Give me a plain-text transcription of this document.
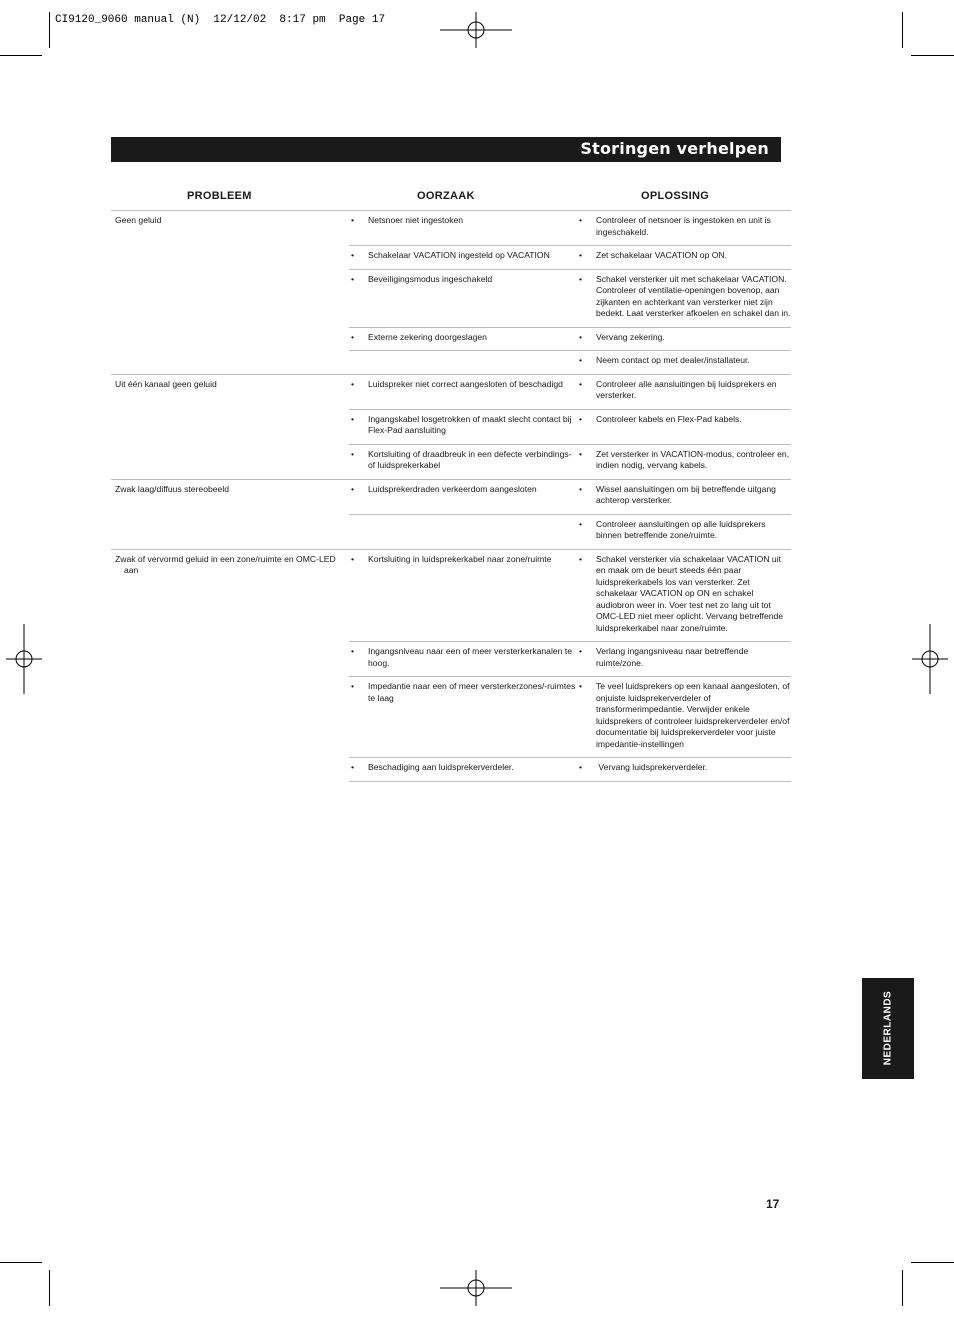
CI9120_9060 manual (N)  12/12/02  8:17 pm  Page 17
Storingen verhelpen
PROBLEEM	OORZAAK	OPLOSSING
Geen geluid	• Netsnoer niet ingestoken	• Controleer of netsnoer is ingestoken en unit is ingeschakeld.

	• Schakelaar VACATION ingesteld op VACATION	• Zet schakelaar VACATION op ON.

	• Beveiligingsmodus ingeschakeld	• Schakel versterker uit met schakelaar VACATION. Controleer of ventilatie-openingen bovenop, aan zijkanten en achterkant van versterker niet zijn bedekt. Laat versterker afkoelen en schakel dan in.

	• Externe zekering doorgeslagen	• Vervang zekering.

		• Neem contact op met dealer/installateur.

Uit één kanaal geen geluid	• Luidspreker niet correct aangesloten of beschadigd	• Controleer alle aansluitingen bij luidsprekers en versterker.

	• Ingangskabel losgetrokken of maakt slecht contact bij Flex-Pad aansluiting	• Controleer kabels en Flex-Pad kabels.

	• Kortsluiting of draadbreuk in een defecte verbindings- of luidsprekerkabel	• Zet versterker in VACATION-modus, controleer en, indien nodig, vervang kabels.

Zwak laag/diffuus stereobeeld	• Luidsprekerdraden verkeerdom aangesloten	• Wissel aansluitingen om bij betreffende uitgang achterop versterker.

		• Controleer aansluitingen op alle luidsprekers binnen betreffende zone/ruimte.

Zwak of vervormd geluid in een zone/ruimte en OMC-LED aan	• Kortsluiting in luidsprekerkabel naar zone/ruimte	• Schakel versterker via schakelaar VACATION uit en maak om de beurt steeds één paar luidsprekerkabels los van versterker. Zet schakelaar VACATION op ON en schakel audiobron weer in. Voer test net zo lang uit tot OMC-LED niet meer oplicht. Vervang betreffende luidsprekerkabel naar zone/ruimte.

	• Ingangsniveau naar een of meer versterkerkanalen te hoog.	• Verlang ingangsniveau naar betreffende ruimte/zone.

	• Impedantie naar een of meer versterkerzones/-ruimtes te laag	• Te veel luidsprekers op een kanaal aangesloten, of onjuiste luidsprekerverdeler of transformerimpedantie. Verwijder enkele luidsprekers of controleer luidsprekerverdeler en/of documentatie bij luidsprekerverdeler voor juiste impedantie-instellingen

	• Beschadiging aan luidsprekerverdeler.	• Vervang luidsprekerverdeler.
NEDERLANDS
17
